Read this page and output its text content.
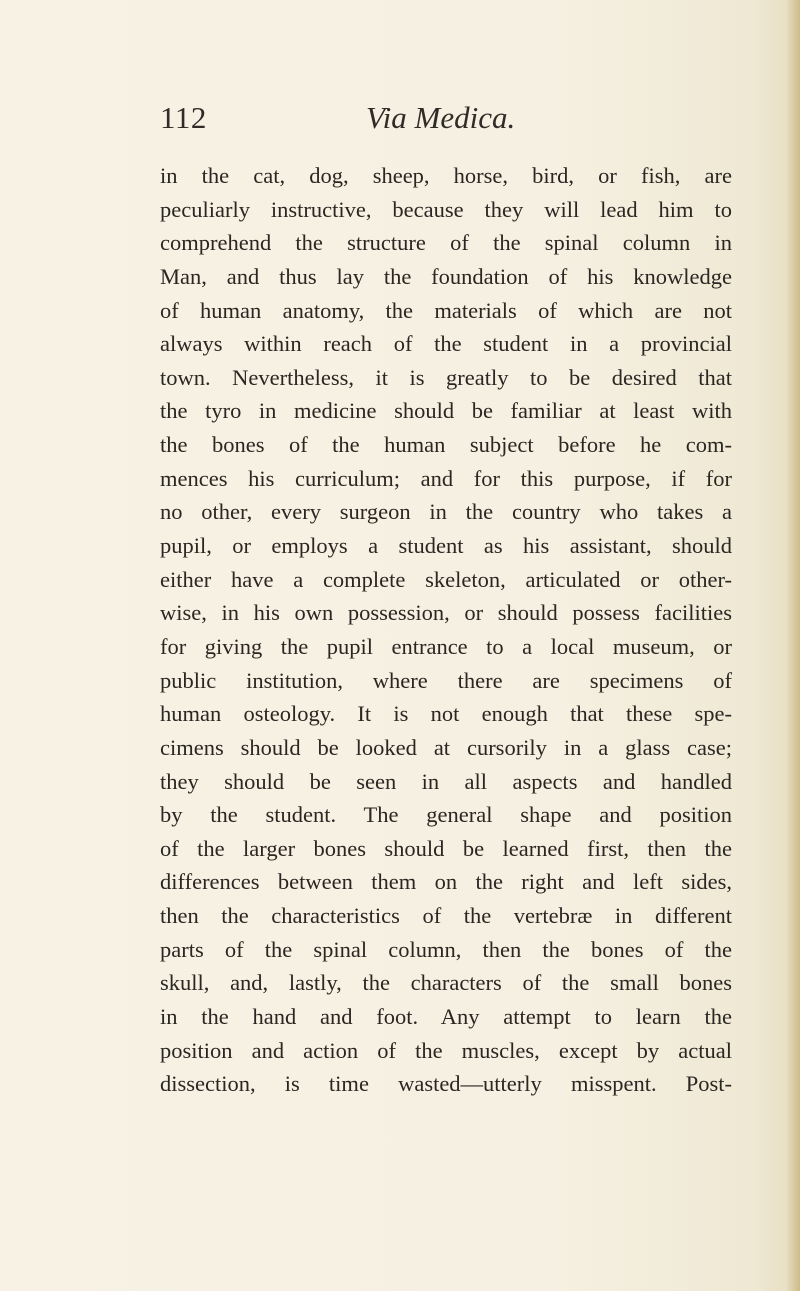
112	Via Medica.
in the cat, dog, sheep, horse, bird, or fish, are
peculiarly instructive, because they will lead him to
comprehend the structure of the spinal column in
Man, and thus lay the foundation of his knowledge
of human anatomy, the materials of which are not
always within reach of the student in a provincial
town. Nevertheless, it is greatly to be desired that
the tyro in medicine should be familiar at least with
the bones of the human subject before he com-
mences his curriculum; and for this purpose, if for
no other, every surgeon in the country who takes a
pupil, or employs a student as his assistant, should
either have a complete skeleton, articulated or other-
wise, in his own possession, or should possess facilities
for giving the pupil entrance to a local museum, or
public institution, where there are specimens of
human osteology. It is not enough that these spe-
cimens should be looked at cursorily in a glass case;
they should be seen in all aspects and handled
by the student. The general shape and position
of the larger bones should be learned first, then the
differences between them on the right and left sides,
then the characteristics of the vertebræ in different
parts of the spinal column, then the bones of the
skull, and, lastly, the characters of the small bones
in the hand and foot. Any attempt to learn the
position and action of the muscles, except by actual
dissection, is time wasted—utterly misspent. Post-
